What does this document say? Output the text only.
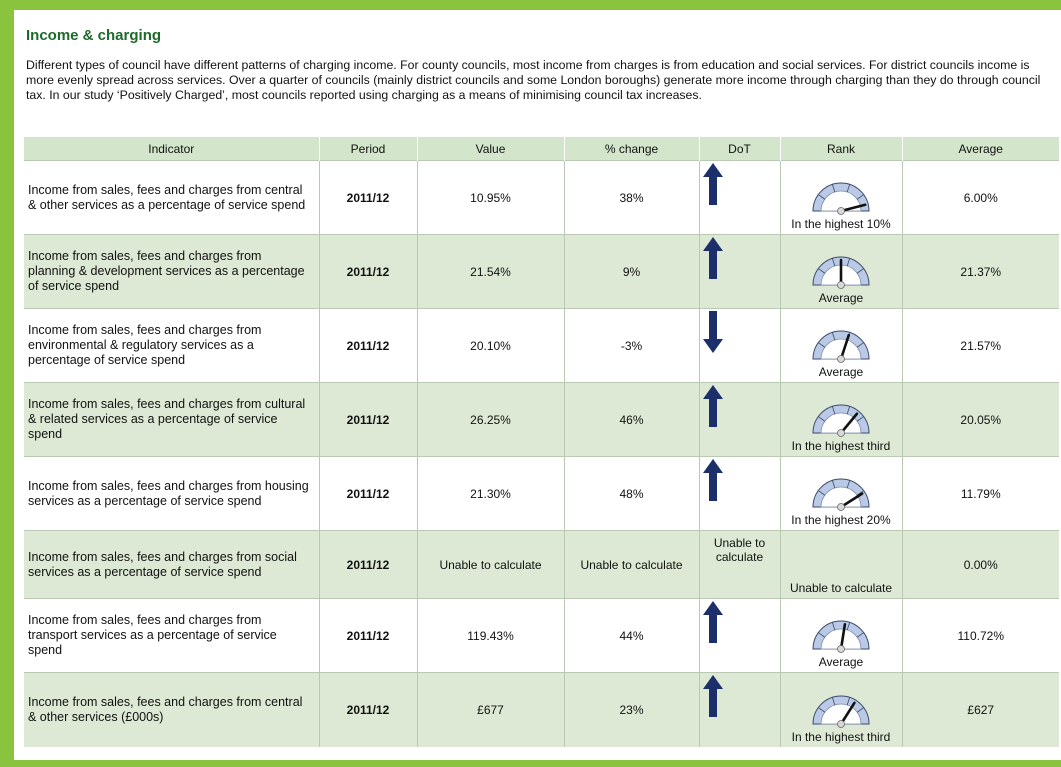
Income & charging
Different types of council have different patterns of charging income. For county councils, most income from charges is from education and social services. For district councils income is more evenly spread across services. Over a quarter of councils (mainly district councils and some London boroughs) generate more income through charging than they do through council tax. In our study ‘Positively Charged’, most councils reported using charging as a means of minimising council tax increases.
Indicator	Period	Value	% change	DoT	Rank	Average
Income from sales, fees and charges from central & other services as a percentage of service spend	2011/12	10.95%	38%		In the highest 10%	6.00%
Income from sales, fees and charges from planning & development services as a percentage of service spend	2011/12	21.54%	9%		Average	21.37%
Income from sales, fees and charges from environmental & regulatory services as a percentage of service spend	2011/12	20.10%	-3%		Average	21.57%
Income from sales, fees and charges from cultural & related services as a percentage of service spend	2011/12	26.25%	46%		In the highest third	20.05%
Income from sales, fees and charges from housing services as a percentage of service spend	2011/12	21.30%	48%		In the highest 20%	11.79%
Income from sales, fees and charges from social services as a percentage of service spend	2011/12	Unable to calculate	Unable to calculate	Unable to calculate	Unable to calculate	0.00%
Income from sales, fees and charges from transport services as a percentage of service spend	2011/12	119.43%	44%		Average	110.72%
Income from sales, fees and charges from central & other services (£000s)	2011/12	£677	23%		In the highest third	£627
